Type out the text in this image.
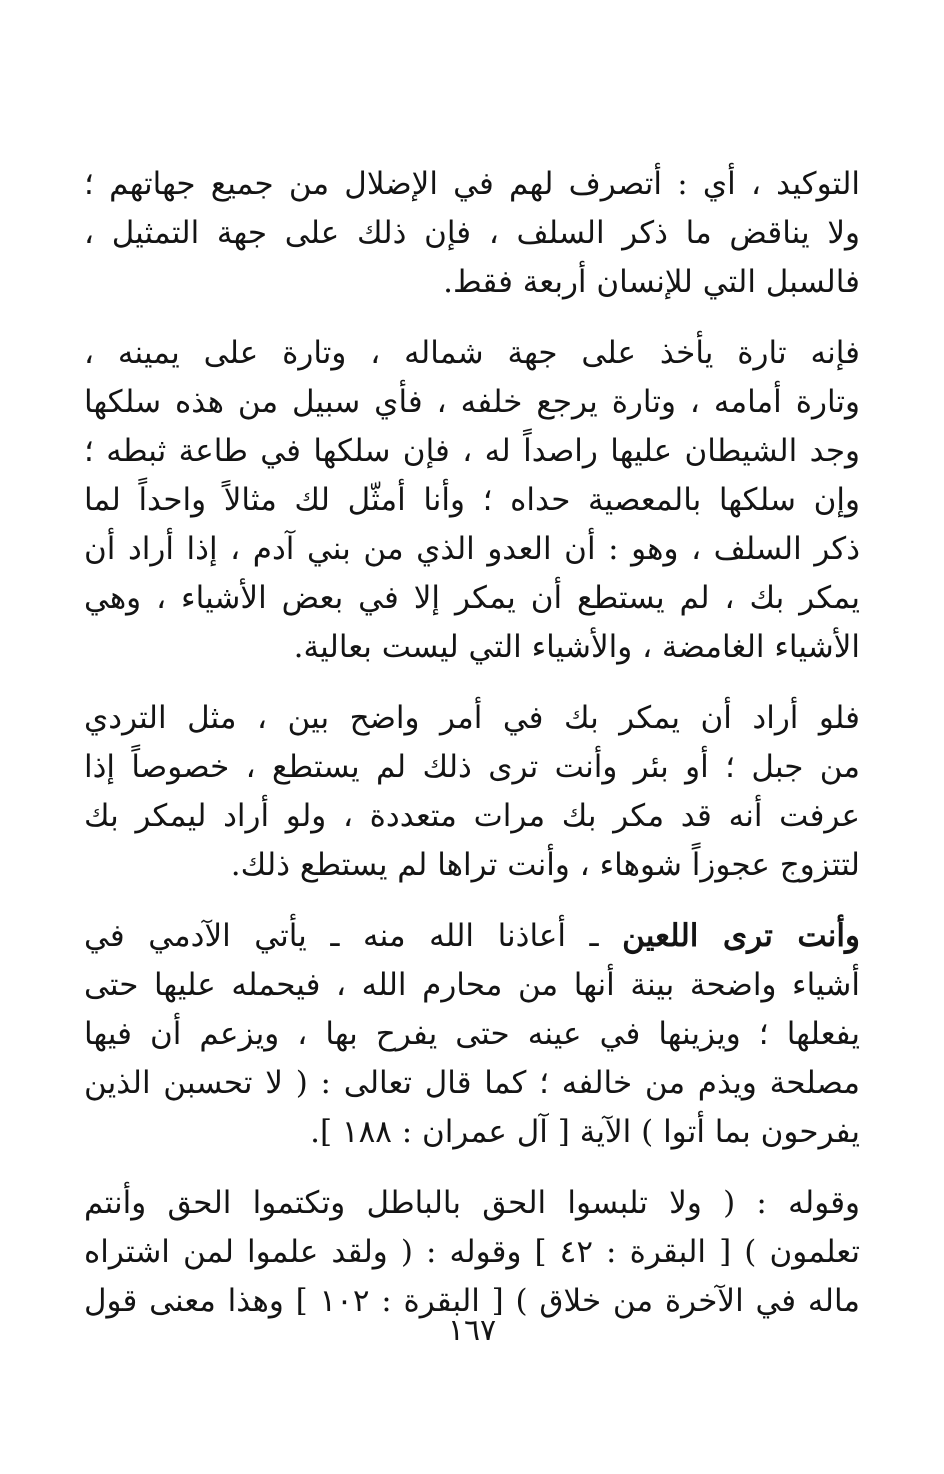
التوكيد ، أي : أتصرف لهم في الإضلال من جميع جهاتهم ؛
ولا يناقض ما ذكر السلف ، فإن ذلك على جهة التمثيل ،
فالسبل التي للإنسان أربعة فقط.

فإنه تارة يأخذ على جهة شماله ، وتارة على يمينه ،
وتارة أمامه ، وتارة يرجع خلفه ، فأي سبيل من هذه سلكها
وجد الشيطان عليها راصداً له ، فإن سلكها في طاعة ثبطه ؛
وإن سلكها بالمعصية حداه ؛ وأنا أمثّل لك مثالاً واحداً لما
ذكر السلف ، وهو : أن العدو الذي من بني آدم ، إذا أراد أن
يمكر بك ، لم يستطع أن يمكر إلا في بعض الأشياء ، وهي
الأشياء الغامضة ، والأشياء التي ليست بعالية.

فلو أراد أن يمكر بك في أمر واضح بين ، مثل التردي
من جبل ؛ أو بئر وأنت ترى ذلك لم يستطع ، خصوصاً إذا
عرفت أنه قد مكر بك مرات متعددة ، ولو أراد ليمكر بك
لتتزوج عجوزاً شوهاء ، وأنت تراها لم يستطع ذلك.

وأنت ترى اللعين ـ أعاذنا الله منه ـ يأتي الآدمي في
أشياء واضحة بينة أنها من محارم الله ، فيحمله عليها حتى
يفعلها ؛ ويزينها في عينه حتى يفرح بها ، ويزعم أن فيها
مصلحة ويذم من خالفه ؛ كما قال تعالى : ( لا تحسبن الذين
يفرحون بما أتوا ) الآية [ آل عمران : ١٨٨ ].

وقوله : ( ولا تلبسوا الحق بالباطل وتكتموا الحق وأنتم
تعلمون ) [ البقرة : ٤٢ ] وقوله : ( ولقد علموا لمن اشتراه
ماله في الآخرة من خلاق ) [ البقرة : ١٠٢ ] وهذا معنى قول

١٦٧
